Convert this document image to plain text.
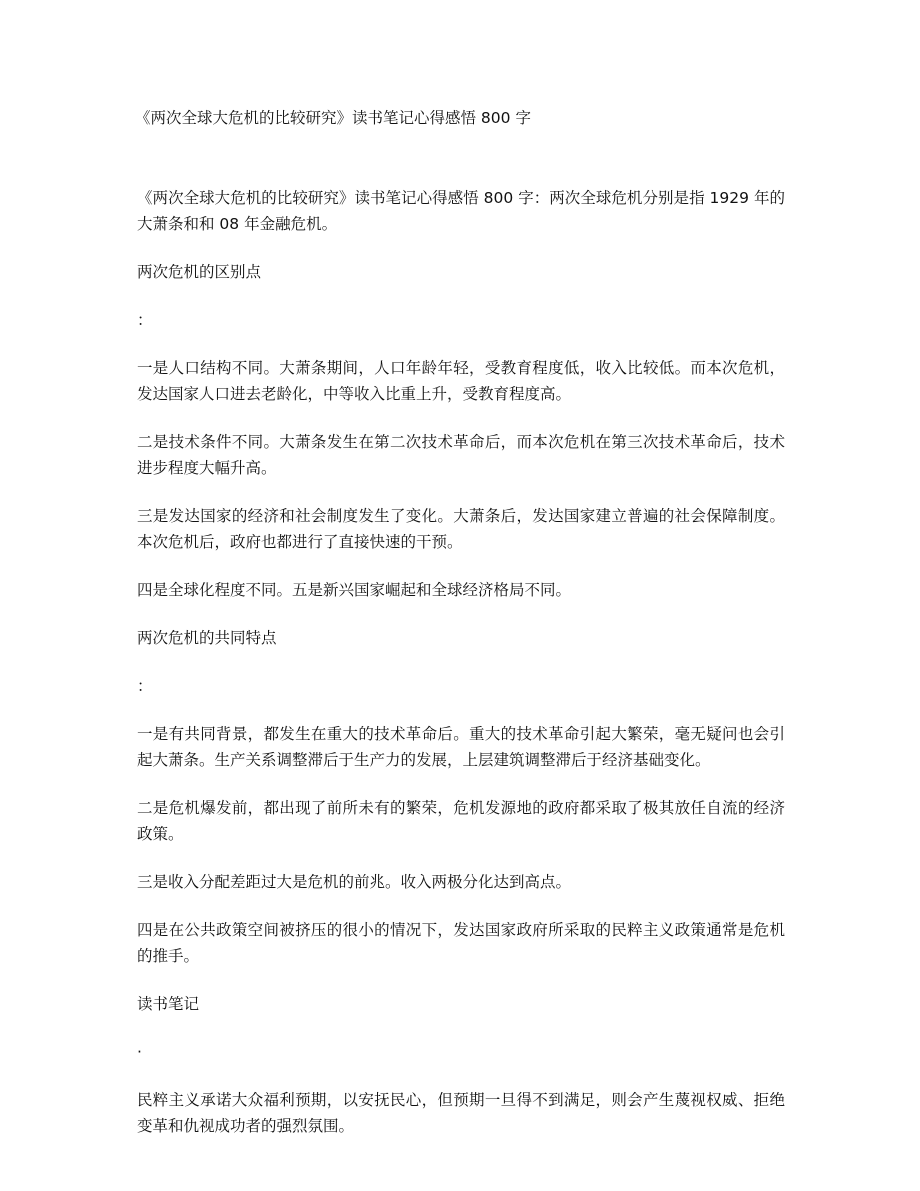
《两次全球大危机的比较研究》读书笔记心得感悟 800 字

《两次全球大危机的比较研究》读书笔记心得感悟 800 字：两次全球危机分别是指 1929 年的大萧条和和 08 年金融危机。

两次危机的区别点

：

一是人口结构不同。大萧条期间，人口年龄年轻，受教育程度低，收入比较低。而本次危机，发达国家人口进去老龄化，中等收入比重上升，受教育程度高。

二是技术条件不同。大萧条发生在第二次技术革命后，而本次危机在第三次技术革命后，技术进步程度大幅升高。

三是发达国家的经济和社会制度发生了变化。大萧条后，发达国家建立普遍的社会保障制度。本次危机后，政府也都进行了直接快速的干预。

四是全球化程度不同。五是新兴国家崛起和全球经济格局不同。

两次危机的共同特点

：

一是有共同背景，都发生在重大的技术革命后。重大的技术革命引起大繁荣，毫无疑问也会引起大萧条。生产关系调整滞后于生产力的发展，上层建筑调整滞后于经济基础变化。

二是危机爆发前，都出现了前所未有的繁荣，危机发源地的政府都采取了极其放任自流的经济政策。

三是收入分配差距过大是危机的前兆。收入两极分化达到高点。

四是在公共政策空间被挤压的很小的情况下，发达国家政府所采取的民粹主义政策通常是危机的推手。

读书笔记

·

民粹主义承诺大众福利预期，以安抚民心，但预期一旦得不到满足，则会产生蔑视权威、拒绝变革和仇视成功者的强烈氛围。
